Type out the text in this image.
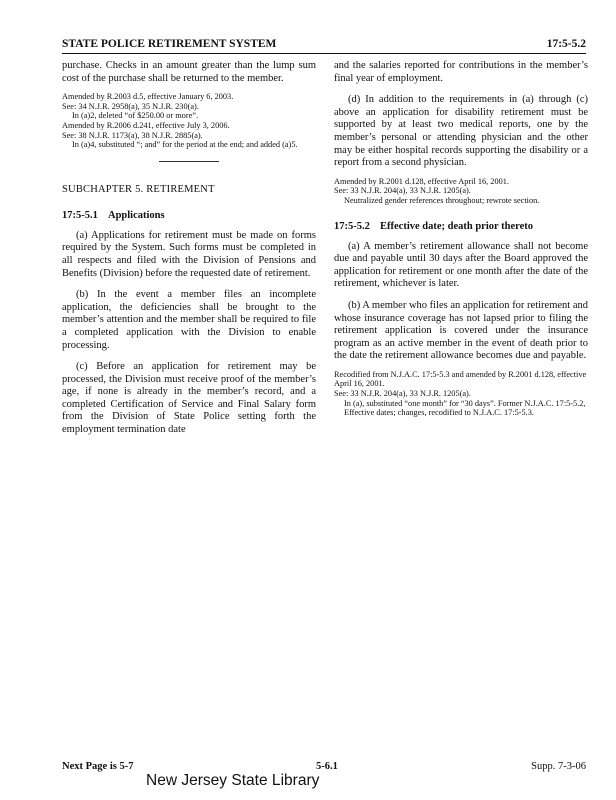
STATE POLICE RETIREMENT SYSTEM	17:5-5.2

purchase. Checks in an amount greater than the lump sum cost of the purchase shall be returned to the member.

Amended by R.2003 d.5, effective January 6, 2003.
See: 34 N.J.R. 2958(a), 35 N.J.R. 230(a).
In (a)2, deleted “of $250.00 or more”.
Amended by R.2006 d.241, effective July 3, 2006.
See: 38 N.J.R. 1173(a), 38 N.J.R. 2885(a).
In (a)4, substituted “; and” for the period at the end; and added (a)5.
SUBCHAPTER 5. RETIREMENT
17:5-5.1 Applications

(a) Applications for retirement must be made on forms required by the System. Such forms must be completed in all respects and filed with the Division of Pensions and Benefits (Division) before the requested date of retirement.

(b) In the event a member files an incomplete application, the deficiencies shall be brought to the member’s attention and the member shall be required to file a completed application with the Division to enable processing.

(c) Before an application for retirement may be processed, the Division must receive proof of the member’s age, if none is already in the member’s record, and a completed Certification of Service and Final Salary form from the Division of State Police setting forth the employment termination date

and the salaries reported for contributions in the member’s final year of employment.

(d) In addition to the requirements in (a) through (c) above an application for disability retirement must be supported by at least two medical reports, one by the member’s personal or attending physician and the other may be either hospital records supporting the disability or a report from a second physician.

Amended by R.2001 d.128, effective April 16, 2001.
See: 33 N.J.R. 204(a), 33 N.J.R. 1205(a).
Neutralized gender references throughout; rewrote section.
17:5-5.2 Effective date; death prior thereto

(a) A member’s retirement allowance shall not become due and payable until 30 days after the Board approved the application for retirement or one month after the date of the retirement, whichever is later.

(b) A member who files an application for retirement and whose insurance coverage has not lapsed prior to filing the retirement application is covered under the insurance program as an active member in the event of death prior to the date the retirement allowance becomes due and payable.

Recodified from N.J.A.C. 17:5-5.3 and amended by R.2001 d.128, effective April 16, 2001.
See: 33 N.J.R. 204(a), 33 N.J.R. 1205(a).
In (a), substituted “one month” for “30 days”. Former N.J.A.C. 17:5-5.2, Effective dates; changes, recodified to N.J.A.C. 17:5-5.3.
Next Page is 5-7	5-6.1	Supp. 7-3-06
New Jersey State Library
